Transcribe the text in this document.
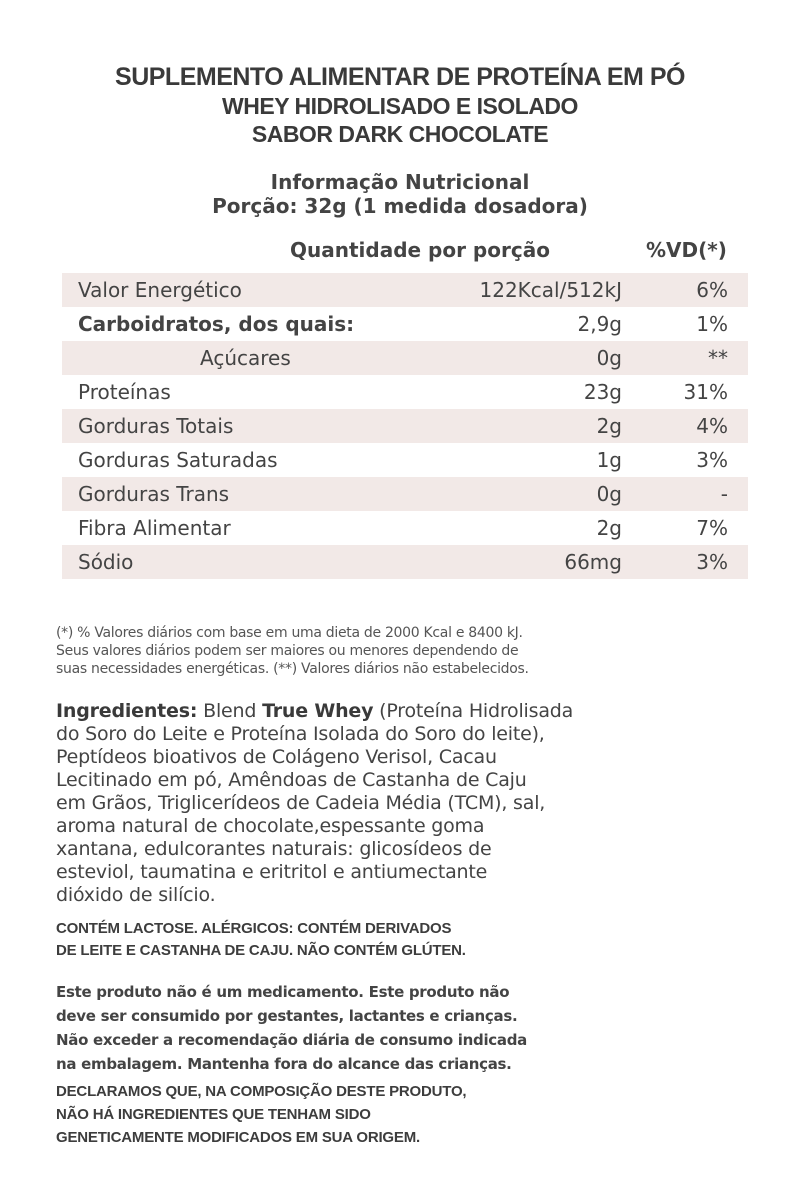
SUPLEMENTO ALIMENTAR DE PROTEÍNA EM PÓ
WHEY HIDROLISADO E ISOLADO
SABOR DARK CHOCOLATE
Informação Nutricional
Porção: 32g (1 medida dosadora)
Quantidade por porção	%VD(*)
Valor Energético	122Kcal/512kJ	6%
Carboidratos, dos quais:	2,9g	1%
Açúcares	0g	**
Proteínas	23g	31%
Gorduras Totais	2g	4%
Gorduras Saturadas	1g	3%
Gorduras Trans	0g	-
Fibra Alimentar	2g	7%
Sódio	66mg	3%
(*) % Valores diários com base em uma dieta de 2000 Kcal e 8400 kJ.
Seus valores diários podem ser maiores ou menores dependendo de
suas necessidades energéticas. (**) Valores diários não estabelecidos.
Ingredientes: Blend True Whey (Proteína Hidrolisada
do Soro do Leite e Proteína Isolada do Soro do leite),
Peptídeos bioativos de Colágeno Verisol, Cacau
Lecitinado em pó, Amêndoas de Castanha de Caju
em Grãos, Triglicerídeos de Cadeia Média (TCM), sal,
aroma natural de chocolate,espessante goma
xantana, edulcorantes naturais: glicosídeos de
esteviol, taumatina e eritritol e antiumectante
dióxido de silício.
CONTÉM LACTOSE. ALÉRGICOS: CONTÉM DERIVADOS
DE LEITE E CASTANHA DE CAJU. NÃO CONTÉM GLÚTEN.
Este produto não é um medicamento. Este produto não
deve ser consumido por gestantes, lactantes e crianças.
Não exceder a recomendação diária de consumo indicada
na embalagem. Mantenha fora do alcance das crianças.
DECLARAMOS QUE, NA COMPOSIÇÃO DESTE PRODUTO,
NÃO HÁ INGREDIENTES QUE TENHAM SIDO
GENETICAMENTE MODIFICADOS EM SUA ORIGEM.
